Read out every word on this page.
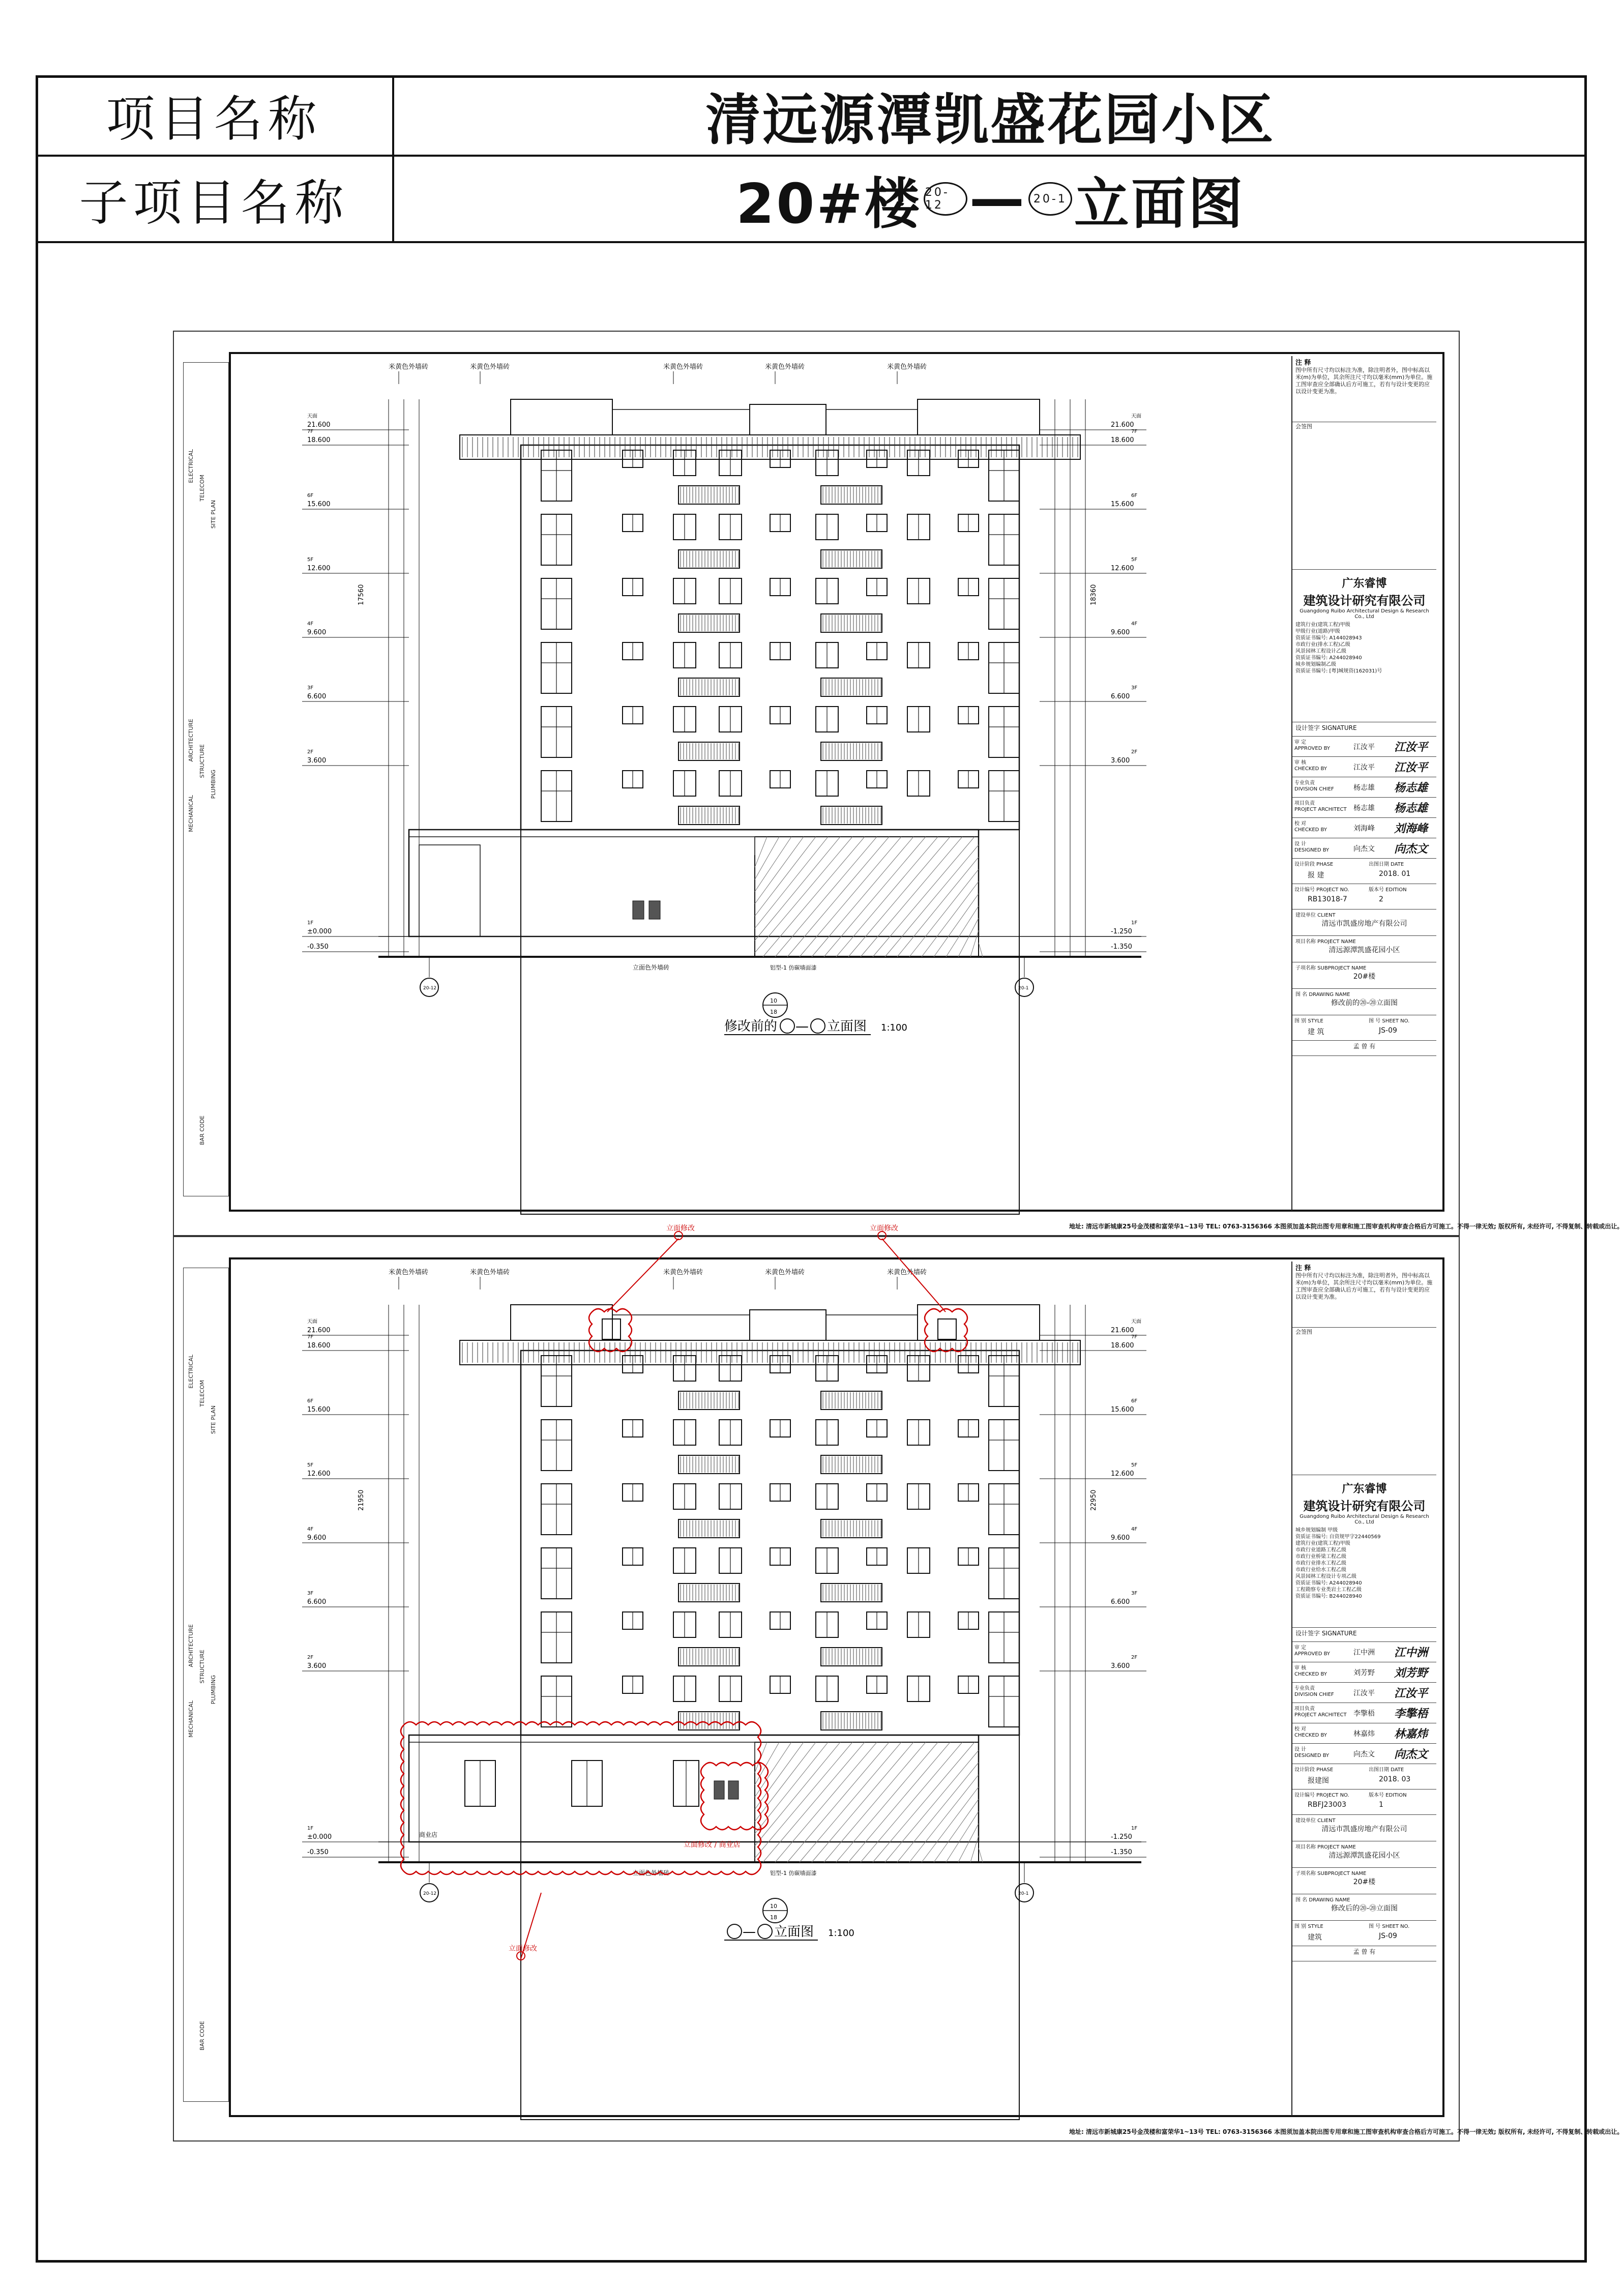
项目名称	清远源潭凯盛花园小区
子项目名称	20#楼 20-12 — 20-1 立面图
ELECTRICAL
TELECOM
SITE PLAN
ARCHITECTURE STRUCTURE
PLUMBING
MECHANICAL
BAR CODE
注 释
图中所有尺寸均以标注为准，除注明者外，图中标高以米(m)为单位，其余所注尺寸均以毫米(mm)为单位。施工图审查应全部确认后方可施工，若有与设计变更的应以设计变更为准。
会签图
广东睿博
建筑设计研究有限公司
Guangdong Ruibo Architectural Design & Research Co., Ltd
建筑行业(建筑工程)甲级
甲级行业(道路)甲级
资质证书编号: A144028943
市政行业(排水工程)乙级
风景园林工程设计乙级
资质证书编号: A244028940
城乡规划编制乙级
资质证书编号: [粤]城规资(162031)号
设计签字 SIGNATURE
审 定
APPROVED BY	江汝平 江汝平
审 核
CHECKED BY	江汝平 江汝平
专业负责
DIVISION CHIEF	杨志雄 杨志雄
项目负责
PROJECT ARCHITECT 杨志雄 杨志雄
校 对
CHECKED BY	刘海峰 刘海峰
设 计
DESIGNED BY	向杰文 向杰文
设计阶段 PHASE
报 建
出图日期 DATE
2018. 01
设计编号 PROJECT NO.
RB13018-7
版本号 EDITION
2
建设单位 CLIENT
清远市凯盛房地产有限公司
项目名称 PROJECT NAME
清远源潭凯盛花园小区
子项名称 SUBPROJECT NAME
20#楼
图 名 DRAWING NAME
修改前的⑳-⑳立面图
图 别 STYLE
建 筑
图 号 SHEET NO.
JS-09
孟 曾 有
米黄色外墙砖	米黄色外墙砖	米黄色外墙砖	米黄色外墙砖	米黄色外墙砖
21.600
18.600
15.600
12.600
9.600
6.600
3.600
±0.000
-0.350
21.600
18.600
15.600
12.600
9.600
6.600
3.600
-1.250
-1.350
天面	天面
7F	7F
6F	6F
5F	5F
4F	4F
3F	3F
2F	2F
1F	1F
17560	18360
20-12	20-1
立面色外墙砖	铝型-1 仿碳墙面漆
10
18
修改前的 — 立面图 1:100
地址: 清远市新城康25号金茂楼和富荣华1~13号 TEL: 0763-3156366 本图须加盖本院出图专用章和施工图审查机构审查合格后方可施工。不得一律无效; 版权所有, 未经许可, 不得复制、转载或出让。
ELECTRICAL
TELECOM
SITE PLAN
ARCHITECTURE STRUCTURE
PLUMBING
MECHANICAL
BAR CODE
注 释
图中所有尺寸均以标注为准，除注明者外，图中标高以米(m)为单位，其余所注尺寸均以毫米(mm)为单位。施工图审查应全部确认后方可施工，若有与设计变更的应以设计变更为准。
会签图
广东睿博
建筑设计研究有限公司
Guangdong Ruibo Architectural Design & Research Co., Ltd
城乡规划编制 甲级
资质证书编号: 自资规甲字22440569
建筑行业(建筑工程)甲级
市政行业道路工程乙级
市政行业桥梁工程乙级
市政行业排水工程乙级
市政行业给水工程乙级
风景园林工程设计专项乙级
资质证书编号: A244028940
工程勘察专业类岩土工程乙级
资质证书编号: B244028940
设计签字 SIGNATURE
审 定
APPROVED BY	江中洲 江中洲
审 核
CHECKED BY	刘芳野 刘芳野
专业负责
DIVISION CHIEF	江汝平 江汝平
项目负责
PROJECT ARCHITECT 李擎梧 李擎梧
校 对
CHECKED BY	林嘉炜 林嘉炜
设 计
DESIGNED BY	向杰文 向杰文
设计阶段 PHASE
报建图
出图日期 DATE
2018. 03
设计编号 PROJECT NO.
RBFJ23003
版本号 EDITION
1
建设单位 CLIENT
清远市凯盛房地产有限公司
项目名称 PROJECT NAME
清远源潭凯盛花园小区
子项名称 SUBPROJECT NAME
20#楼
图 名 DRAWING NAME
修改后的⑳-⑳立面图
图 别 STYLE
建筑
图 号 SHEET NO.
JS-09
孟 曾 有
商业店
米黄色外墙砖	米黄色外墙砖	米黄色外墙砖	米黄色外墙砖	米黄色外墙砖
21.600
18.600
15.600
12.600
9.600
6.600
3.600
±0.000
-0.350
21.600
18.600
15.600
12.600
9.600
6.600
3.600
-1.250
-1.350
天面	天面
7F	7F
6F	6F
5F	5F
4F	4F
3F	3F
2F	2F
1F	1F
21950	22950
20-12	20-1
立面色外墙砖	铝型-1 仿碳墙面漆
10
18
— 立面图 1:100
立面修改	立面修改
立面修改
立面修改 / 商业店
地址: 清远市新城康25号金茂楼和富荣华1~13号 TEL: 0763-3156366 本图须加盖本院出图专用章和施工图审查机构审查合格后方可施工。不得一律无效; 版权所有, 未经许可, 不得复制、转载或出让。
